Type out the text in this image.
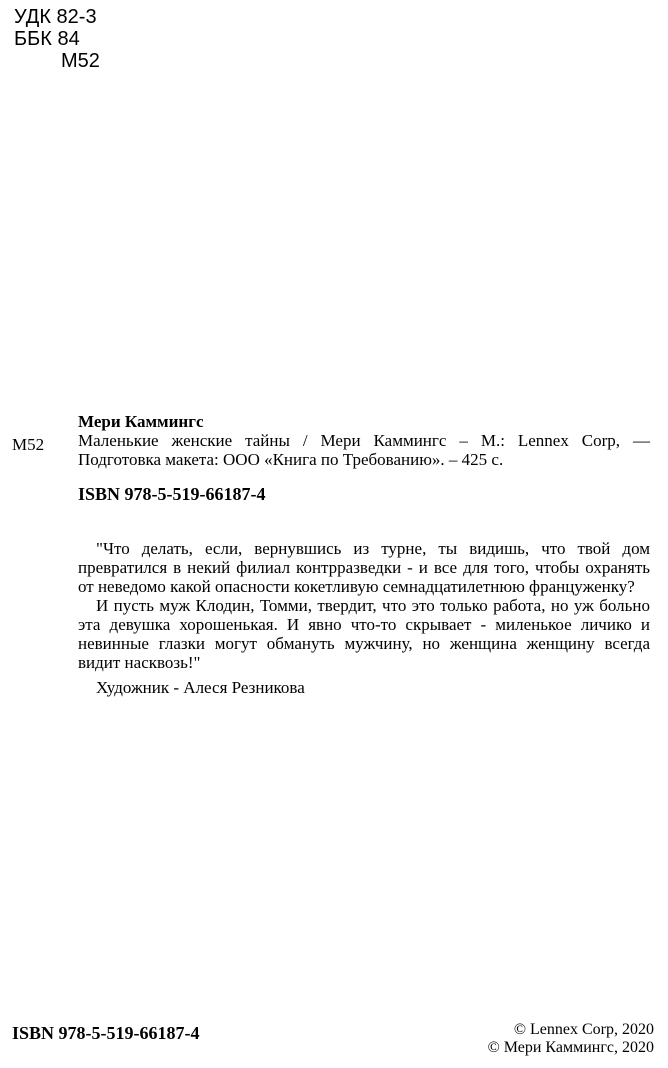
УДК 82-3
ББК 84
М52
М52
Мери Каммингс
Маленькие женские тайны / Мери Каммингс – М.: Lennex Corp, — Подготовка макета: ООО «Книга по Требованию». – 425 с.
ISBN 978-5-519-66187-4

"Что делать, если, вернувшись из турне, ты видишь, что твой дом превратился в некий филиал контрразведки - и все для того, чтобы охранять от неведомо какой опасности кокетливую семнадцатилетнюю француженку?

И пусть муж Клодин, Томми, твердит, что это только работа, но уж больно эта девушка хорошенькая. И явно что-то скрывает - миленькое личико и невинные глазки могут обмануть мужчину, но женщина женщину всегда видит насквозь!"

Художник - Алеся Резникова
ISBN 978-5-519-66187-4	© Lennex Corp, 2020
© Мери Каммингс, 2020
